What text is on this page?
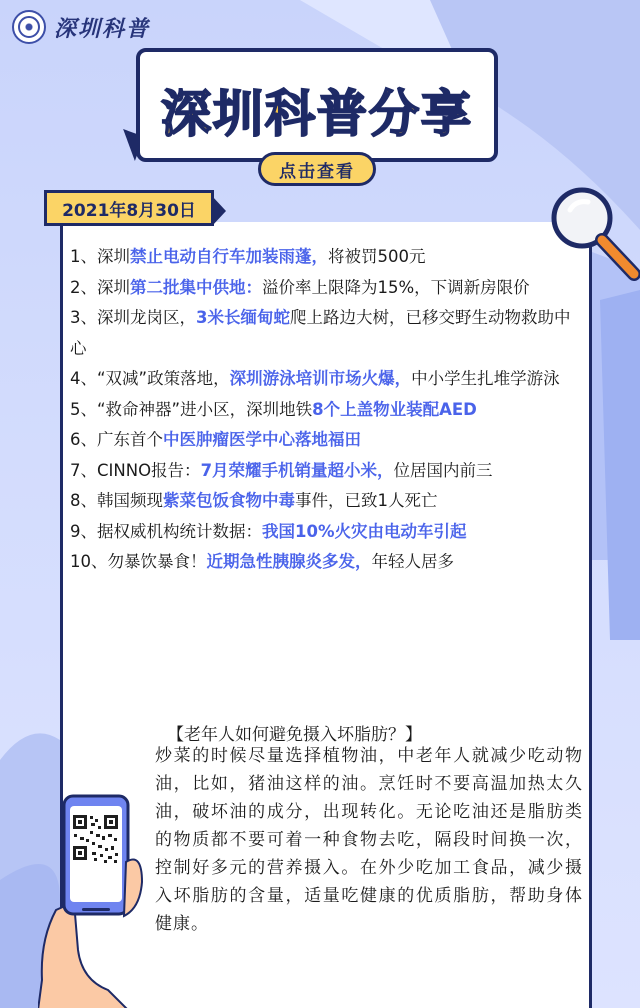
深圳科普
深圳科普分享
点击查看
2021年8月30日

1、深圳禁止电动自行车加装雨蓬，将被罚500元

2、深圳第二批集中供地：溢价率上限降为15%，下调新房限价

3、深圳龙岗区，3米长缅甸蛇爬上路边大树，已移交野生动物救助中心

4、“双减”政策落地，深圳游泳培训市场火爆，中小学生扎堆学游泳

5、“救命神器”进小区，深圳地铁8个上盖物业装配AED

6、广东首个中医肿瘤医学中心落地福田

7、CINNO报告：7月荣耀手机销量超小米，位居国内前三

8、韩国频现紫菜包饭食物中毒事件，已致1人死亡

9、据权威机构统计数据：我国10%火灾由电动车引起

10、勿暴饮暴食！近期急性胰腺炎多发，年轻人居多

【老年人如何避免摄入坏脂肪？】
炒菜的时候尽量选择植物油，中老年人就减少吃动物油，比如，猪油这样的油。烹饪时不要高温加热太久油，破坏油的成分，出现转化。无论吃油还是脂肪类的物质都不要可着一种食物去吃，隔段时间换一次，控制好多元的营养摄入。在外少吃加工食品，减少摄入坏脂肪的含量，适量吃健康的优质脂肪，帮助身体健康。
